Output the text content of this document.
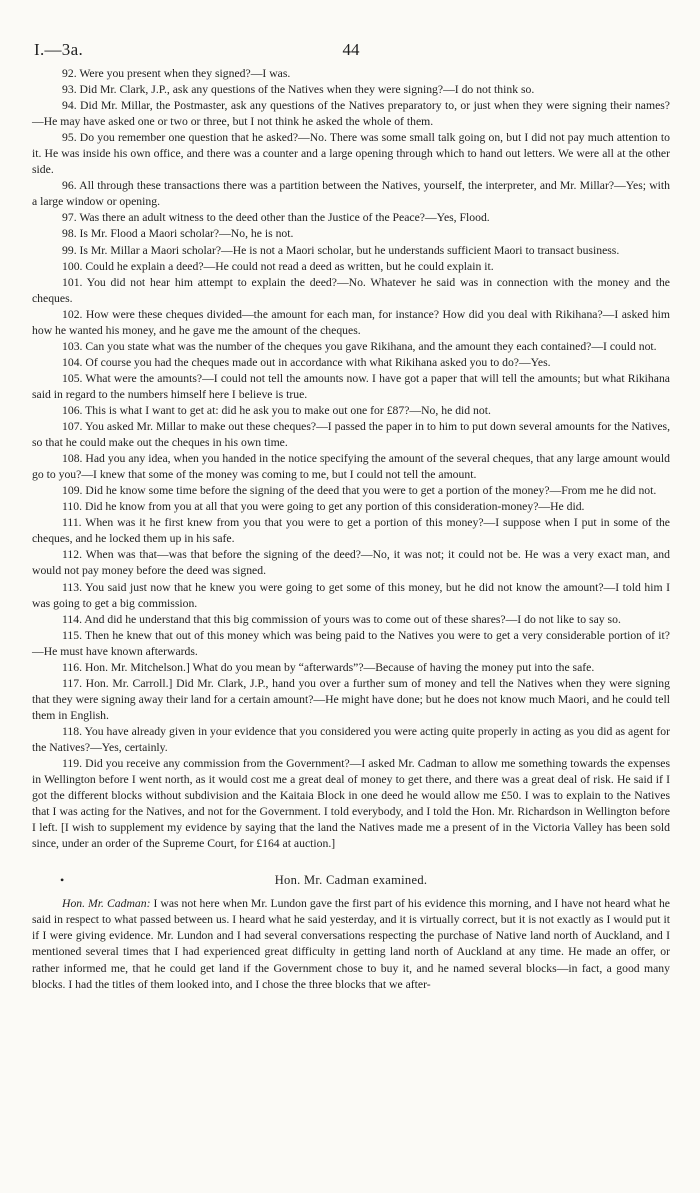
I.—3a.	44

92. Were you present when they signed?—I was.

93. Did Mr. Clark, J.P., ask any questions of the Natives when they were signing?—I do not think so.

94. Did Mr. Millar, the Postmaster, ask any questions of the Natives preparatory to, or just when they were signing their names?—He may have asked one or two or three, but I not think he asked the whole of them.

95. Do you remember one question that he asked?—No. There was some small talk going on, but I did not pay much attention to it. He was inside his own office, and there was a counter and a large opening through which to hand out letters. We were all at the other side.

96. All through these transactions there was a partition between the Natives, yourself, the interpreter, and Mr. Millar?—Yes; with a large window or opening.

97. Was there an adult witness to the deed other than the Justice of the Peace?—Yes, Flood.

98. Is Mr. Flood a Maori scholar?—No, he is not.

99. Is Mr. Millar a Maori scholar?—He is not a Maori scholar, but he understands sufficient Maori to transact business.

100. Could he explain a deed?—He could not read a deed as written, but he could explain it.

101. You did not hear him attempt to explain the deed?—No. Whatever he said was in connection with the money and the cheques.

102. How were these cheques divided—the amount for each man, for instance? How did you deal with Rikihana?—I asked him how he wanted his money, and he gave me the amount of the cheques.

103. Can you state what was the number of the cheques you gave Rikihana, and the amount they each contained?—I could not.

104. Of course you had the cheques made out in accordance with what Rikihana asked you to do?—Yes.

105. What were the amounts?—I could not tell the amounts now. I have got a paper that will tell the amounts; but what Rikihana said in regard to the numbers himself here I believe is true.

106. This is what I want to get at: did he ask you to make out one for £87?—No, he did not.

107. You asked Mr. Millar to make out these cheques?—I passed the paper in to him to put down several amounts for the Natives, so that he could make out the cheques in his own time.

108. Had you any idea, when you handed in the notice specifying the amount of the several cheques, that any large amount would go to you?—I knew that some of the money was coming to me, but I could not tell the amount.

109. Did he know some time before the signing of the deed that you were to get a portion of the money?—From me he did not.

110. Did he know from you at all that you were going to get any portion of this consideration-money?—He did.

111. When was it he first knew from you that you were to get a portion of this money?—I suppose when I put in some of the cheques, and he locked them up in his safe.

112. When was that—was that before the signing of the deed?—No, it was not; it could not be. He was a very exact man, and would not pay money before the deed was signed.

113. You said just now that he knew you were going to get some of this money, but he did not know the amount?—I told him I was going to get a big commission.

114. And did he understand that this big commission of yours was to come out of these shares?—I do not like to say so.

115. Then he knew that out of this money which was being paid to the Natives you were to get a very considerable portion of it?—He must have known afterwards.

116. Hon. Mr. Mitchelson.] What do you mean by “afterwards”?—Because of having the money put into the safe.

117. Hon. Mr. Carroll.] Did Mr. Clark, J.P., hand you over a further sum of money and tell the Natives when they were signing that they were signing away their land for a certain amount?—He might have done; but he does not know much Maori, and he could tell them in English.

118. You have already given in your evidence that you considered you were acting quite properly in acting as you did as agent for the Natives?—Yes, certainly.

119. Did you receive any commission from the Government?—I asked Mr. Cadman to allow me something towards the expenses in Wellington before I went north, as it would cost me a great deal of money to get there, and there was a great deal of risk. He said if I got the different blocks without subdivision and the Kaitaia Block in one deed he would allow me £50. I was to explain to the Natives that I was acting for the Natives, and not for the Government. I told everybody, and I told the Hon. Mr. Richardson in Wellington before I left. [I wish to supplement my evidence by saying that the land the Natives made me a present of in the Victoria Valley has been sold since, under an order of the Supreme Court, for £164 at auction.]

•	Hon. Mr. Cadman examined.

Hon. Mr. Cadman: I was not here when Mr. Lundon gave the first part of his evidence this morning, and I have not heard what he said in respect to what passed between us. I heard what he said yesterday, and it is virtually correct, but it is not exactly as I would put it if I were giving evidence. Mr. Lundon and I had several conversations respecting the purchase of Native land north of Auckland, and I mentioned several times that I had experienced great difficulty in getting land north of Auckland at any time. He made an offer, or rather informed me, that he could get land if the Government chose to buy it, and he named several blocks—in fact, a good many blocks. I had the titles of them looked into, and I chose the three blocks that we after-
